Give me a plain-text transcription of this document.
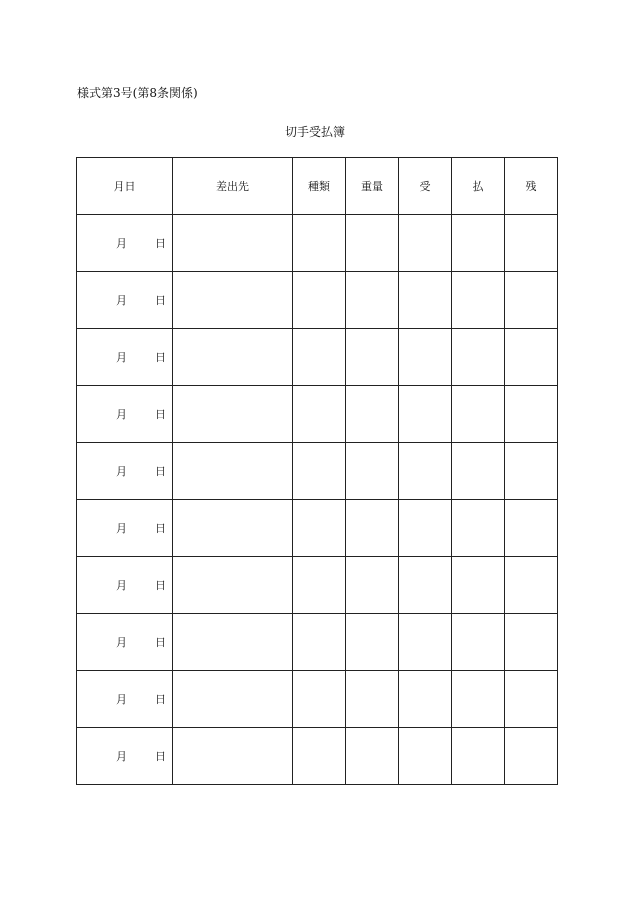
様式第3号(第8条関係)
切手受払簿
月日	差出先	種類	重量	受	払	残

月 日						

月 日						

月 日						

月 日						

月 日						

月 日						

月 日						

月 日						

月 日						

月 日						
